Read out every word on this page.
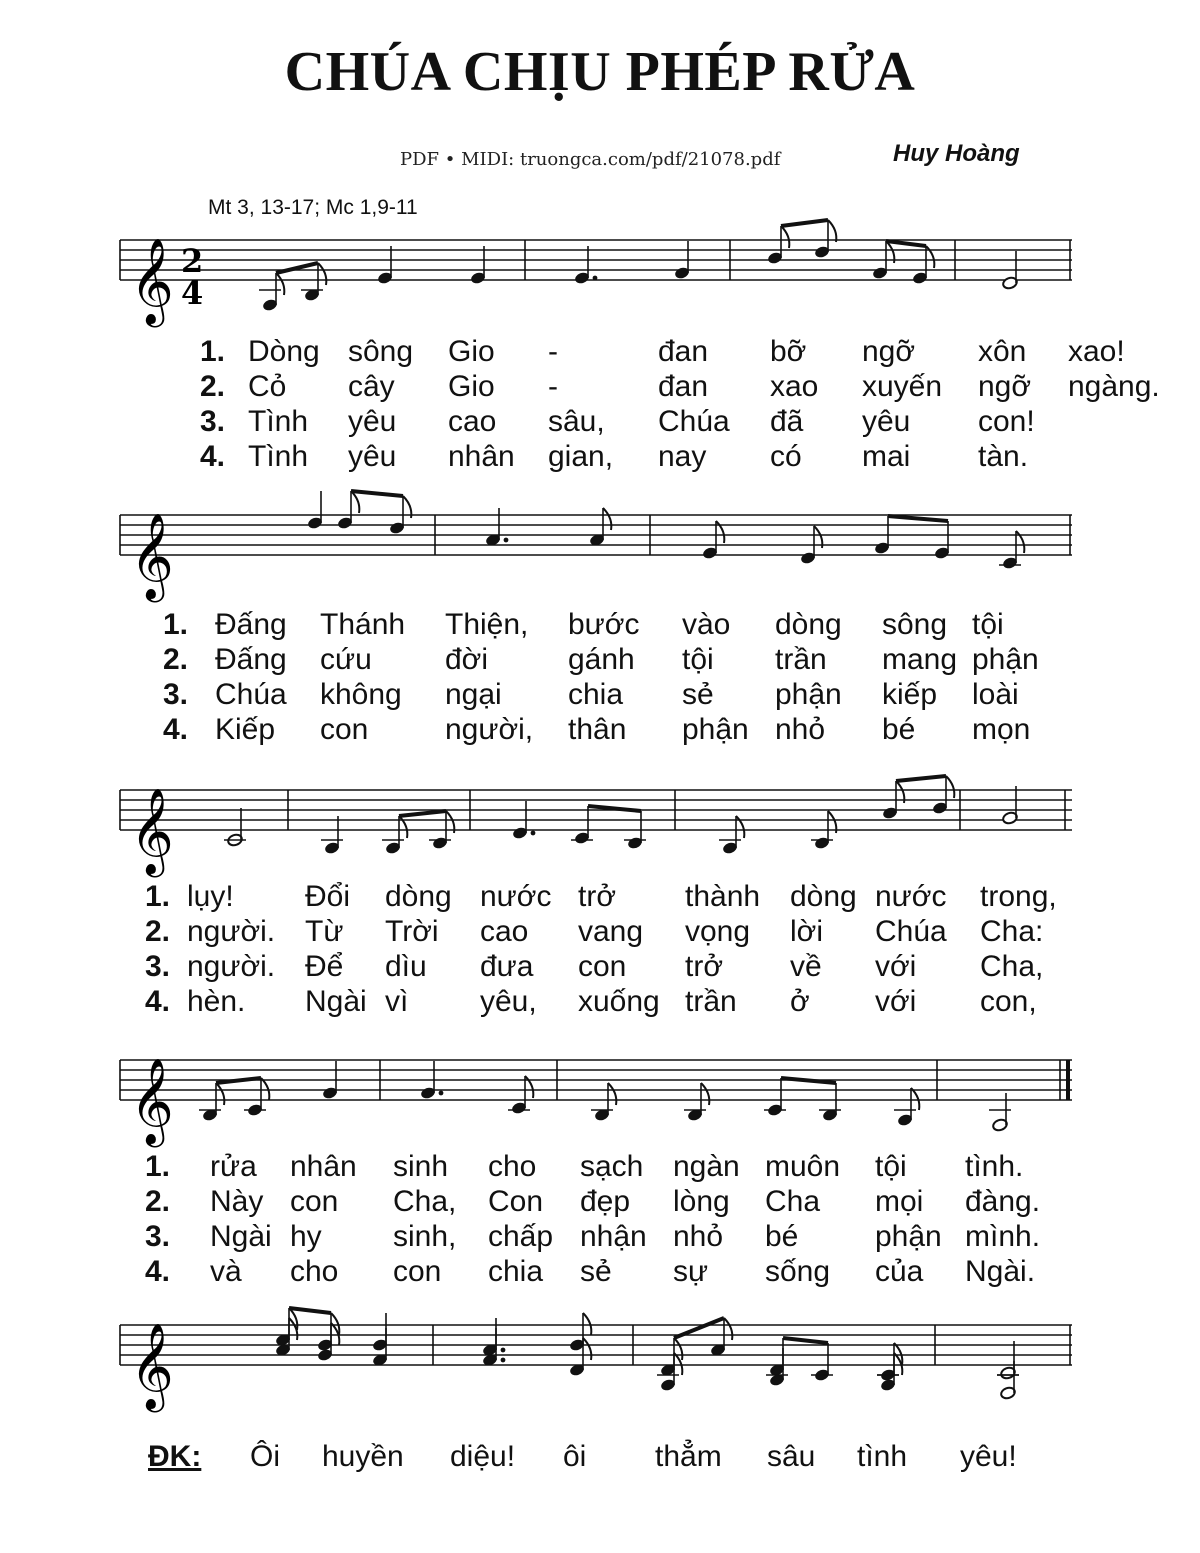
CHÚA CHỊU PHÉP RỬA
PDF • MIDI: truongca.com/pdf/21078.pdf	Huy Hoàng
Mt 3, 13-17; Mc 1,9-11
𝄞 2
4
1. Dòng sông Gio -	đan bỡ ngỡ xôn xao!
2. Cỏ cây Gio -	đan xao xuyến ngỡ ngàng.
3. Tình yêu cao sâu, Chúa đã yêu con!
4. Tình yêu nhân gian, nay có mai tàn.
𝄞
1. Đấng Thánh Thiện, bước vào dòng sông tội
2. Đấng cứu đời	gánh tội trần mang phận
3. Chúa không ngại chia sẻ phận kiếp loài
4. Kiếp con	người, thân phận nhỏ bé mọn
𝄞
1. lụy! Đổi dòng nước trở thành dòng nước trong,
2. người. Từ Trời cao vang vọng lời Chúa Cha:
3. người. Để dìu đưa con trở về với Cha,
4. hèn. Ngài vì yêu, xuống trần ở với con,
𝄞
1. rửa nhân sinh cho sạch ngàn muôn tội tình.
2. Này con Cha, Con đẹp lòng Cha mọi đàng.
3. Ngài hy sinh, chấp nhận nhỏ bé	phận mình.
4. và cho con chia sẻ sự sống của Ngài.
𝄞
ĐK: Ôi huyền diệu! ôi thẳm sâu tình yêu!
